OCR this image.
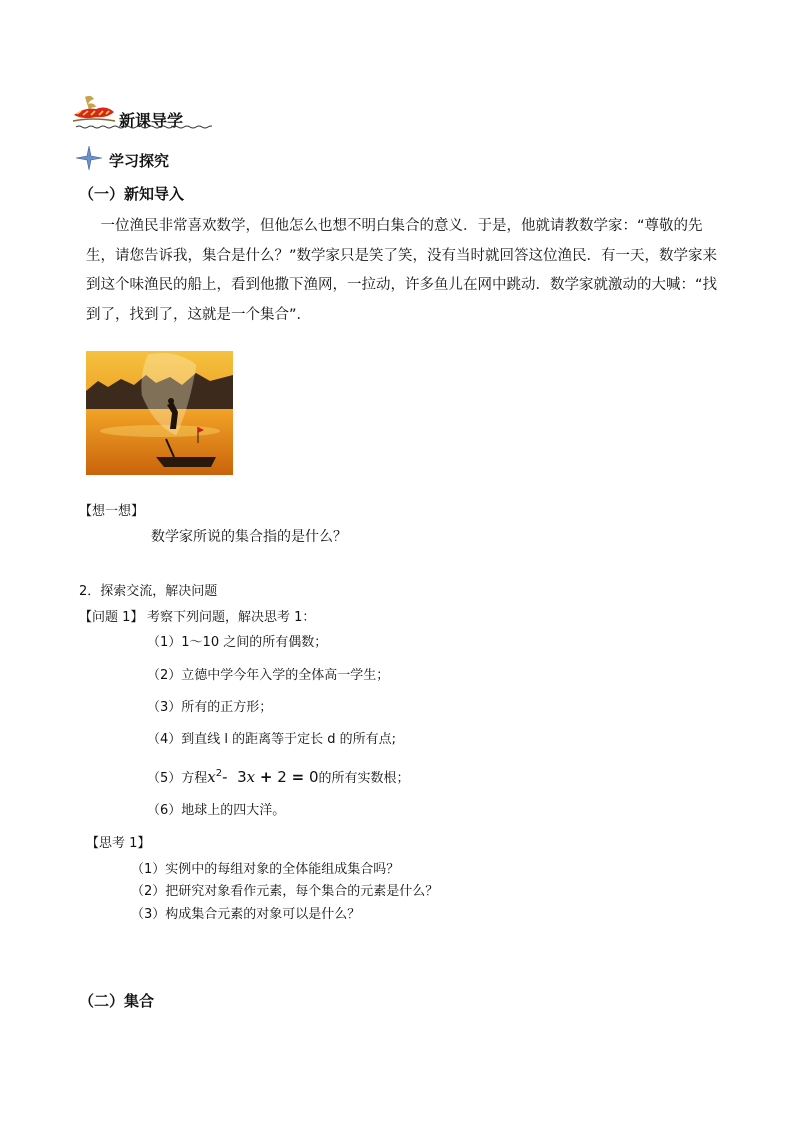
新课导学
学习探究
（一）新知导入
一位渔民非常喜欢数学，但他怎么也想不明白集合的意义．于是，他就请教数学家：“尊敬的先生，请您告诉我，集合是什么？”数学家只是笑了笑，没有当时就回答这位渔民．有一天，数学家来到这个味渔民的船上，看到他撒下渔网，一拉动，许多鱼儿在网中跳动．数学家就激动的大喊：“找到了，找到了，这就是一个集合”．
【想一想】
数学家所说的集合指的是什么？
2．探索交流，解决问题
【问题 1】 考察下列问题，解决思考 1：
（1）1～10 之间的所有偶数；
（2）立德中学今年入学的全体高一学生；
（3）所有的正方形；
（4）到直线 l 的距离等于定长 d 的所有点;
（5）方程$x^2-$ 3x + 2 = 0的所有实数根；
（6）地球上的四大洋。
【思考 1】
（1）实例中的每组对象的全体能组成集合吗？
（2）把研究对象看作元素，每个集合的元素是什么？
（3）构成集合元素的对象可以是什么？
（二）集合
